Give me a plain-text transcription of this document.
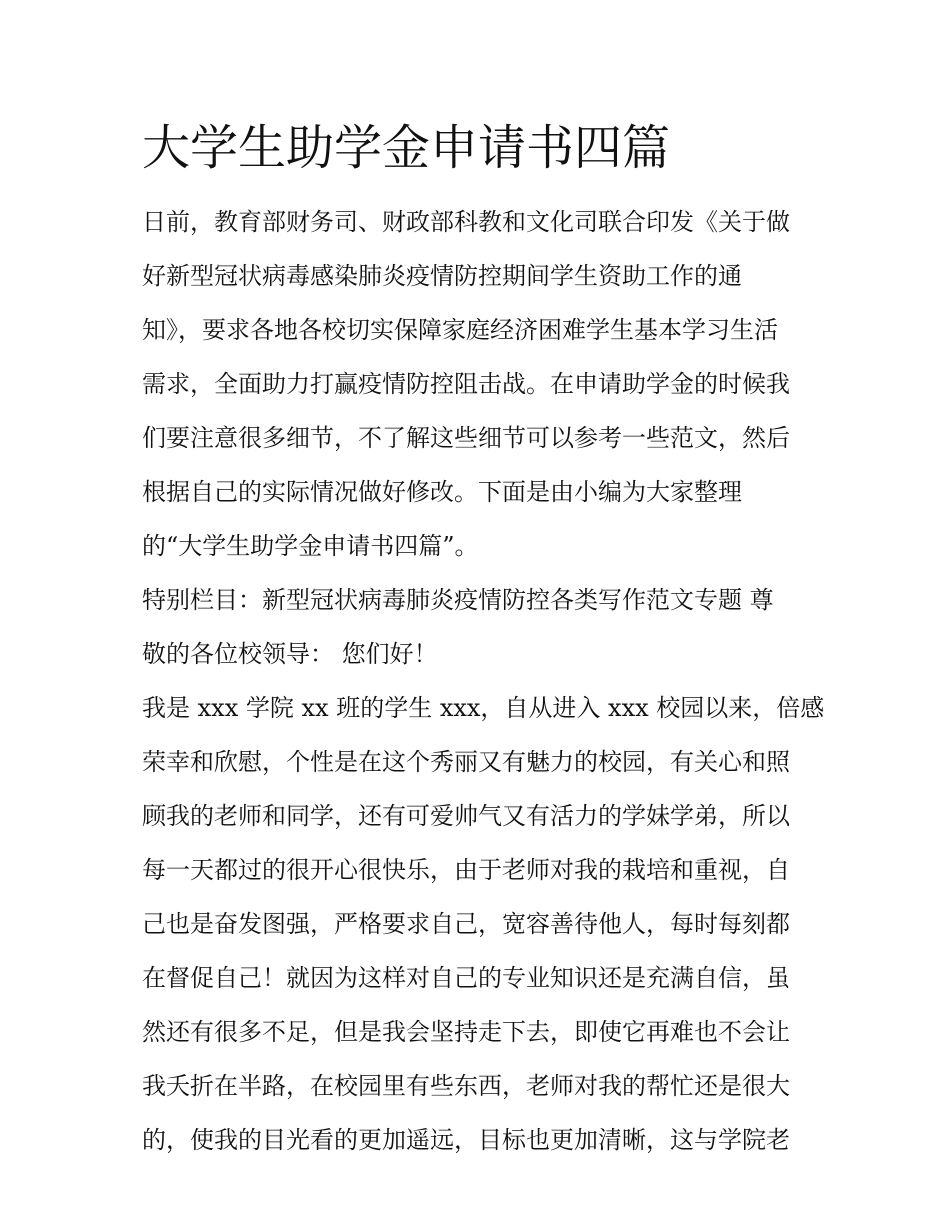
大学生助学金申请书四篇
日前，教育部财务司、财政部科教和文化司联合印发《关于做
好新型冠状病毒感染肺炎疫情防控期间学生资助工作的通
知》，要求各地各校切实保障家庭经济困难学生基本学习生活
需求，全面助力打赢疫情防控阻击战。在申请助学金的时候我
们要注意很多细节，不了解这些细节可以参考一些范文，然后
根据自己的实际情况做好修改。下面是由小编为大家整理
的“大学生助学金申请书四篇”。
特别栏目：新型冠状病毒肺炎疫情防控各类写作范文专题 尊
敬的各位校领导： 您们好！
我是 xxx 学院 xx 班的学生 xxx，自从进入 xxx 校园以来，倍感
荣幸和欣慰，个性是在这个秀丽又有魅力的校园，有关心和照
顾我的老师和同学，还有可爱帅气又有活力的学妹学弟，所以
每一天都过的很开心很快乐，由于老师对我的栽培和重视，自
己也是奋发图强，严格要求自己，宽容善待他人，每时每刻都
在督促自己！就因为这样对自己的专业知识还是充满自信，虽
然还有很多不足，但是我会坚持走下去，即使它再难也不会让
我夭折在半路，在校园里有些东西，老师对我的帮忙还是很大
的，使我的目光看的更加遥远，目标也更加清晰，这与学院老
